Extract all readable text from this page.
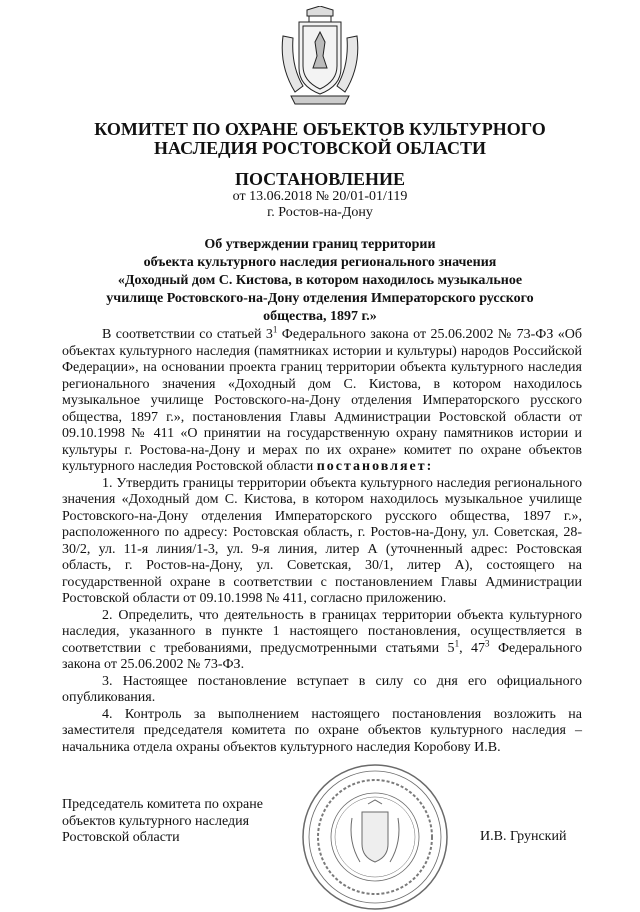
КОМИТЕТ ПО ОХРАНЕ ОБЪЕКТОВ КУЛЬТУРНОГО
НАСЛЕДИЯ РОСТОВСКОЙ ОБЛАСТИ
ПОСТАНОВЛЕНИЕ
от 13.06.2018 № 20/01-01/119
г. Ростов-на-Дону
Об утверждении границ территории
объекта культурного наследия регионального значения
«Доходный дом С. Кистова, в котором находилось музыкальное
училище Ростовского-на-Дону отделения Императорского русского
общества, 1897 г.»

В соответствии со статьей $3^1$ Федерального закона от 25.06.2002 № 73-ФЗ «Об объектах культурного наследия (памятниках истории и культуры) народов Российской Федерации», на основании проекта границ территории объекта культурного наследия регионального значения «Доходный дом С. Кистова, в котором находилось музыкальное училище Ростовского-на-Дону отделения Императорского русского общества, 1897 г.», постановления Главы Администрации Ростовской области от 09.10.1998 № 411 «О принятии на государственную охрану памятников истории и культуры г. Ростова-на-Дону и мерах по их охране» комитет по охране объектов культурного наследия Ростовской области постановляет:

1. Утвердить границы территории объекта культурного наследия регионального значения «Доходный дом С. Кистова, в котором находилось музыкальное училище Ростовского-на-Дону отделения Императорского русского общества, 1897 г.», расположенного по адресу: Ростовская область, г. Ростов-на-Дону, ул. Советская, 28-30/2, ул. 11-я линия/1-3, ул. 9-я линия, литер А (уточненный адрес: Ростовская область, г. Ростов-на-Дону, ул. Советская, 30/1, литер А), состоящего на государственной охране в соответствии с постановлением Главы Администрации Ростовской области от 09.10.1998 № 411, согласно приложению.

2. Определить, что деятельность в границах территории объекта культурного наследия, указанного в пункте 1 настоящего постановления, осуществляется в соответствии с требованиями, предусмотренными статьями $5^1$, $47^3$ Федерального закона от 25.06.2002 № 73-ФЗ.

3. Настоящее постановление вступает в силу со дня его официального опубликования.

4. Контроль за выполнением настоящего постановления возложить на заместителя председателя комитета по охране объектов культурного наследия – начальника отдела охраны объектов культурного наследия Коробову И.В.

Председатель комитета по охране
объектов культурного наследия
Ростовской области	И.В. Грунский
